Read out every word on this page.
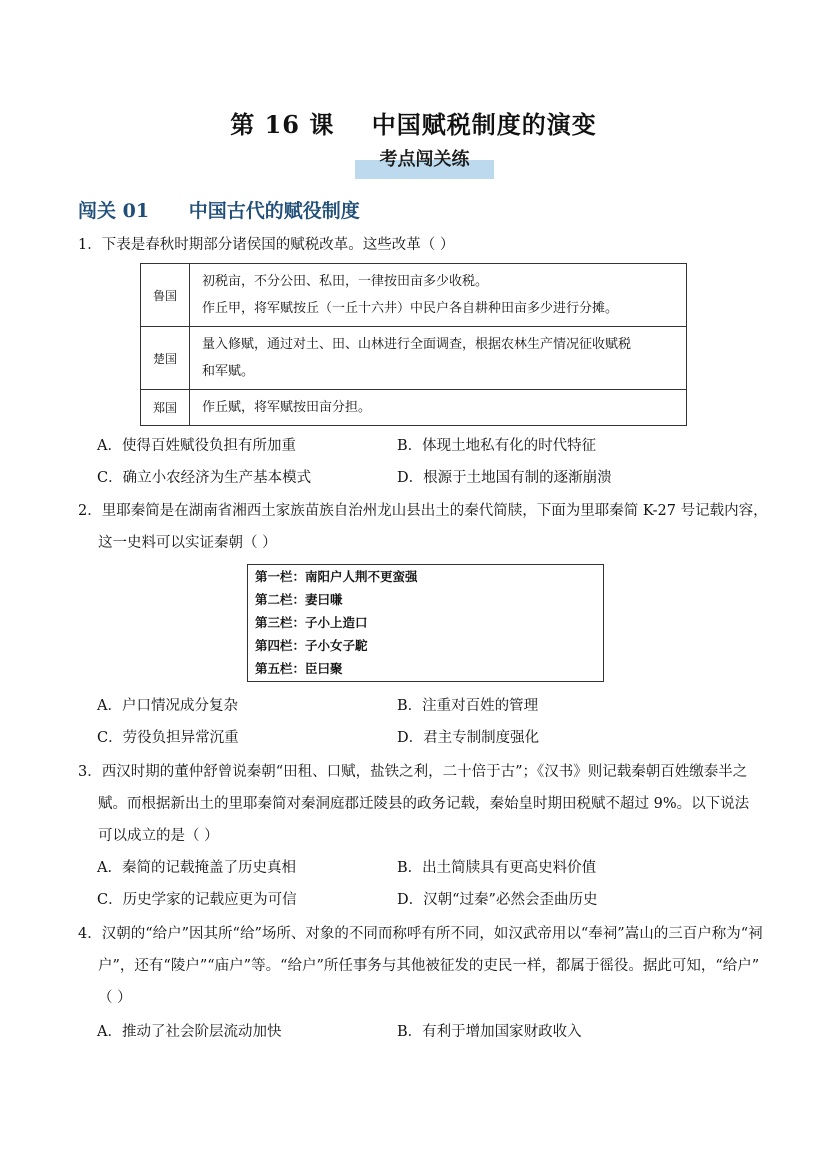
第 16 课    中国赋税制度的演变
考点闯关练
闯关 01      中国古代的赋役制度
1．下表是春秋时期部分诸侯国的赋税改革。这些改革（ ）
鲁国	初税亩，不分公田、私田，一律按田亩多少收税。
作丘甲，将军赋按丘（一丘十六井）中民户各自耕种田亩多少进行分摊。

楚国	量入修赋，通过对土、田、山林进行全面调查，根据农林生产情况征收赋税
和军赋。

郑国	作丘赋，将军赋按田亩分担。
A．使得百姓赋役负担有所加重	B．体现土地私有化的时代特征
C．确立小农经济为生产基本模式	D．根源于土地国有制的逐渐崩溃
2．里耶秦简是在湖南省湘西土家族苗族自治州龙山县出土的秦代简牍，下面为里耶秦简 K-27 号记载内容，
这一史料可以实证秦朝（ ）
第一栏：南阳户人荆不更蛮强
第二栏：妻曰嗛
第三栏：子小上造口
第四栏：子小女子駝
第五栏：臣曰聚
A．户口情况成分复杂	B．注重对百姓的管理
C．劳役负担异常沉重	D．君主专制制度强化
3．西汉时期的董仲舒曾说秦朝“田租、口赋，盐铁之利，二十倍于古”；《汉书》则记载秦朝百姓缴泰半之
赋。而根据新出土的里耶秦简对秦洞庭郡迁陵县的政务记载，秦始皇时期田税赋不超过 9%。以下说法
可以成立的是（ ）
A．秦简的记载掩盖了历史真相	B．出土简牍具有更高史料价值
C．历史学家的记载应更为可信	D．汉朝“过秦”必然会歪曲历史
4．汉朝的“给户”因其所“给”场所、对象的不同而称呼有所不同，如汉武帝用以“奉祠”嵩山的三百户称为“祠
户”，还有“陵户”“庙户”等。“给户”所任事务与其他被征发的吏民一样，都属于徭役。据此可知，“给户”
（ ）
A．推动了社会阶层流动加快	B．有利于增加国家财政收入
